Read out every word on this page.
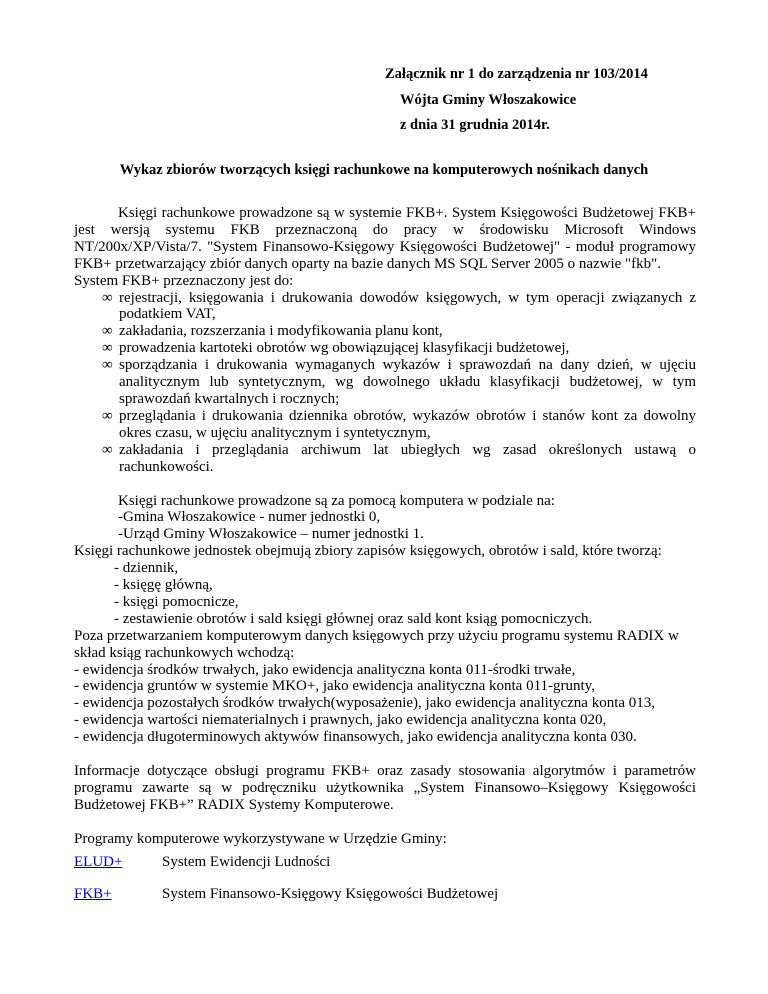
Załącznik nr 1 do zarządzenia nr 103/2014
Wójta Gminy Włoszakowice
z dnia 31 grudnia 2014r.
Wykaz zbiorów tworzących księgi rachunkowe na komputerowych nośnikach danych

Księgi rachunkowe prowadzone są w systemie FKB+. System Księgowości Budżetowej FKB+ jest wersją systemu FKB przeznaczoną do pracy w środowisku Microsoft Windows NT/200x/XP/Vista/7. "System Finansowo-Księgowy Księgowości Budżetowej" - moduł programowy FKB+ przetwarzający zbiór danych oparty na bazie danych MS SQL Server 2005 o nazwie "fkb".

System FKB+ przeznaczony jest do:

∞ rejestracji, księgowania i drukowania dowodów księgowych, w tym operacji związanych z podatkiem VAT,
∞ zakładania, rozszerzania i modyfikowania planu kont,
∞ prowadzenia kartoteki obrotów wg obowiązującej klasyfikacji budżetowej,
∞ sporządzania i drukowania wymaganych wykazów i sprawozdań na dany dzień, w ujęciu analitycznym lub syntetycznym, wg dowolnego układu klasyfikacji budżetowej, w tym sprawozdań kwartalnych i rocznych;
∞ przeglądania i drukowania dziennika obrotów, wykazów obrotów i stanów kont za dowolny okres czasu, w ujęciu analitycznym i syntetycznym,
∞ zakładania i przeglądania archiwum lat ubiegłych wg zasad określonych ustawą o rachunkowości.

Księgi rachunkowe prowadzone są za pomocą komputera w podziale na:

-Gmina Włoszakowice - numer jednostki 0,

-Urząd Gminy Włoszakowice – numer jednostki 1.

Księgi rachunkowe jednostek obejmują zbiory zapisów księgowych, obrotów i sald, które tworzą:

- dziennik,

- księgę główną,

- księgi pomocnicze,

- zestawienie obrotów i sald księgi głównej oraz sald kont ksiąg pomocniczych.

Poza przetwarzaniem komputerowym danych księgowych przy użyciu programu systemu RADIX w skład ksiąg rachunkowych wchodzą:

- ewidencja środków trwałych, jako ewidencja analityczna konta 011-środki trwałe,

- ewidencja gruntów w systemie MKO+, jako ewidencja analityczna konta 011-grunty,

- ewidencja pozostałych środków trwałych(wyposażenie), jako ewidencja analityczna konta 013,

- ewidencja wartości niematerialnych i prawnych, jako ewidencja analityczna konta 020,

- ewidencja długoterminowych aktywów finansowych, jako ewidencja analityczna konta 030.

Informacje dotyczące obsługi programu FKB+ oraz zasady stosowania algorytmów i parametrów programu zawarte są w podręczniku użytkownika „System Finansowo–Księgowy Księgowości Budżetowej FKB+” RADIX Systemy Komputerowe.

Programy komputerowe wykorzystywane w Urzędzie Gminy:

ELUD+	System Ewidencji Ludności
FKB+	System Finansowo-Księgowy Księgowości Budżetowej
